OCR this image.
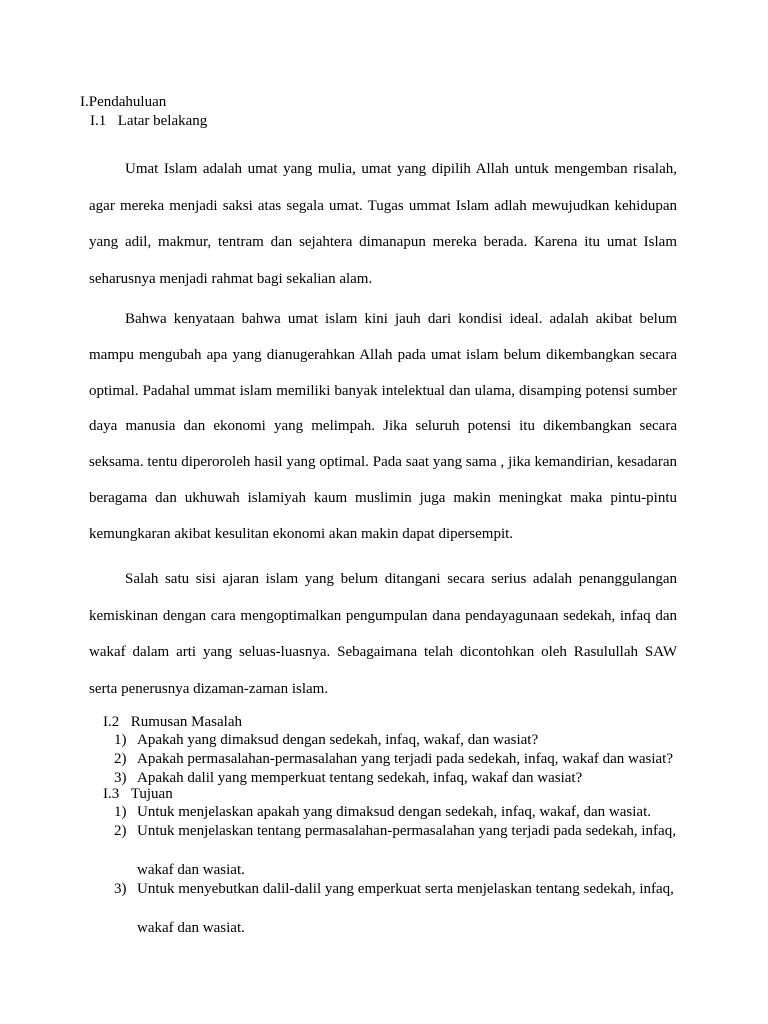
I.Pendahuluan
I.1 Latar belakang
Umat Islam adalah umat yang mulia, umat yang dipilih Allah untuk mengemban risalah, agar mereka menjadi saksi atas segala umat. Tugas ummat Islam adlah mewujudkan kehidupan yang adil, makmur, tentram dan sejahtera dimanapun mereka berada. Karena itu umat Islam seharusnya menjadi rahmat bagi sekalian alam.
Bahwa kenyataan bahwa umat islam kini jauh dari kondisi ideal. adalah akibat belum mampu mengubah apa yang dianugerahkan Allah pada umat islam belum dikembangkan secara optimal. Padahal ummat islam memiliki banyak intelektual dan ulama, disamping potensi sumber daya manusia dan ekonomi yang melimpah. Jika seluruh potensi itu dikembangkan secara seksama. tentu dipero​roleh hasil yang optimal. Pada saat yang sama , jika kemandirian, kesadaran beragama dan ukhuwah islamiyah kaum muslimin juga makin meningkat maka pintu-pintu kemungkaran akibat kesulitan ekonomi akan makin dapat dipersempit.
Salah satu sisi ajaran islam yang belum ditangani secara serius adalah penanggulangan kemiskinan dengan cara mengoptimalkan pengumpulan dana pendayagunaan sedekah, infaq dan wakaf dalam arti yang seluas-luasnya. Sebagaimana telah dicontohkan oleh Rasulullah SAW serta penerusnya dizaman-zaman islam.
I.2 Rumusan Masalah
1) Apakah yang dimaksud dengan sedekah, infaq, wakaf, dan wasiat?
2) Apakah permasalahan-permasalahan yang terjadi pada sedekah, infaq, wakaf dan wasiat?
3) Apakah dalil yang memperkuat tentang sedekah, infaq, wakaf dan wasiat?
I.3 Tujuan
1) Untuk menjelaskan apakah yang dimaksud dengan sedekah, infaq, wakaf, dan wasiat.
2) Untuk menjelaskan tentang permasalahan-permasalahan yang terjadi pada sedekah, infaq,
wakaf dan wasiat.
3) Untuk menyebutkan dalil-dalil yang emperkuat serta menjelaskan tentang sedekah, infaq,
wakaf dan wasiat.
